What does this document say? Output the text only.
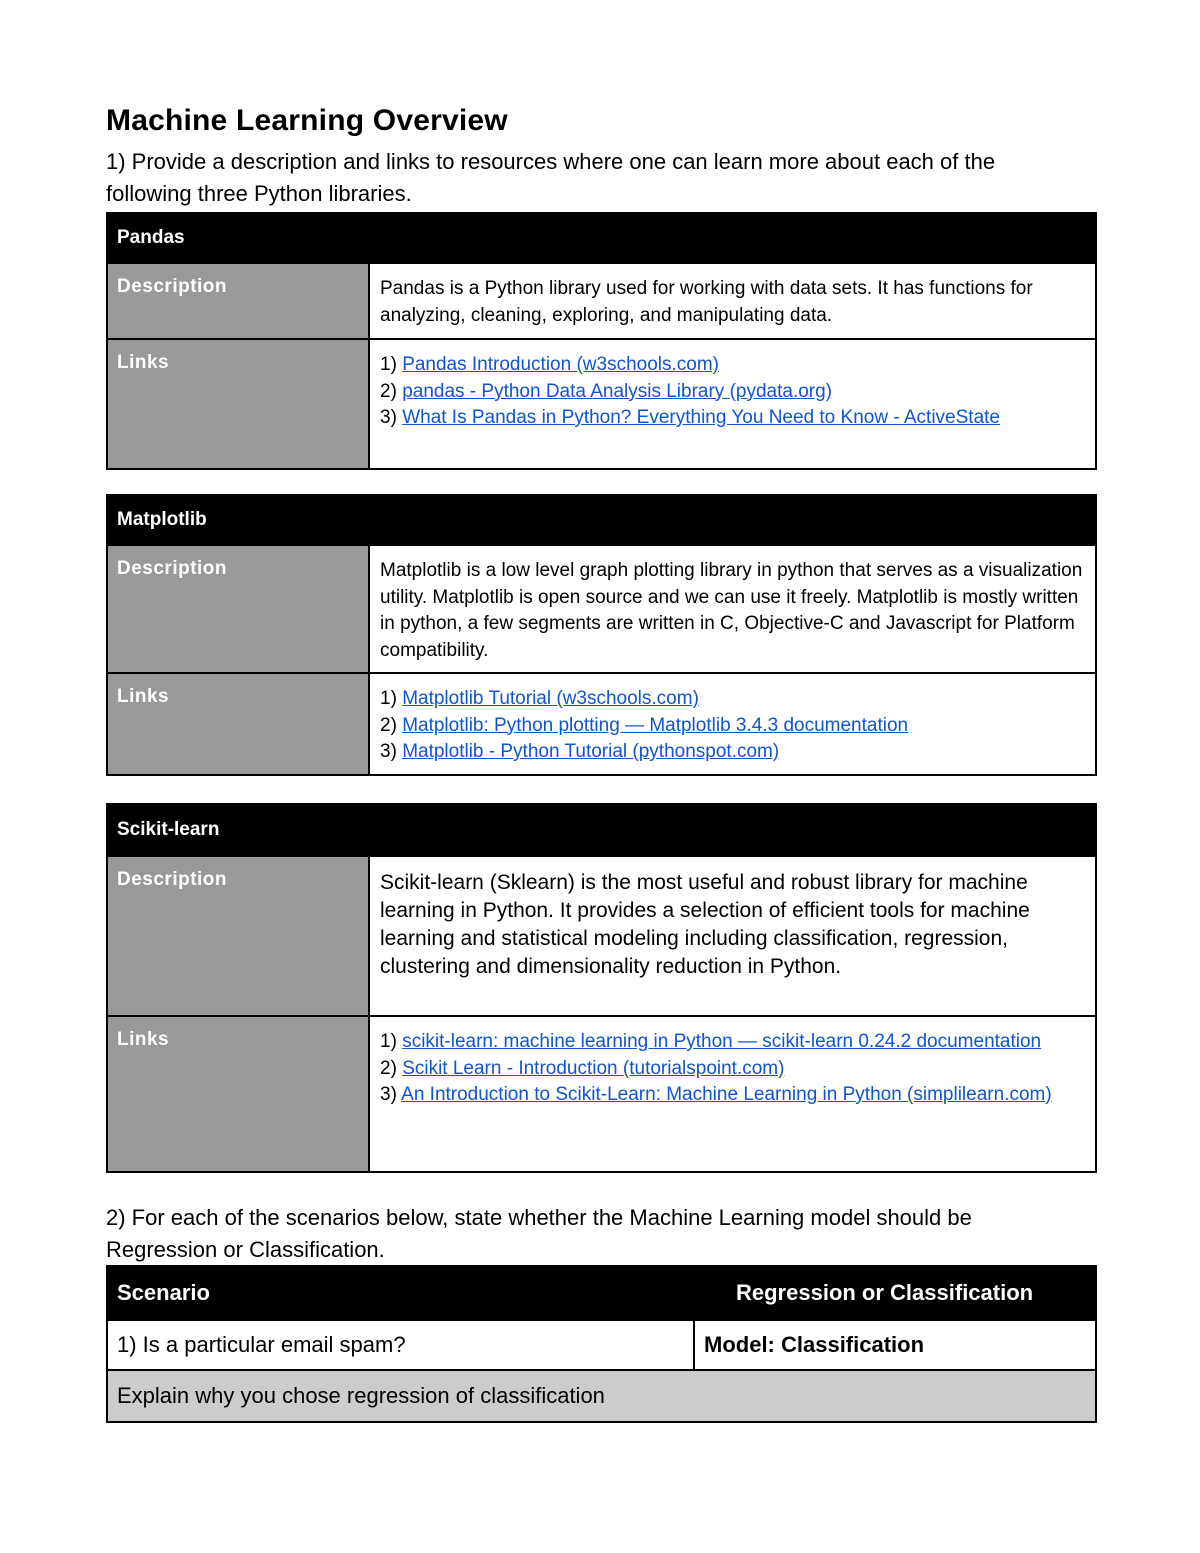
Machine Learning Overview
1) Provide a description and links to resources where one can learn more about each of the following three Python libraries.
Pandas
Description	Pandas is a Python library used for working with data sets. It has functions for analyzing, cleaning, exploring, and manipulating data.
Links	1) Pandas Introduction (w3schools.com)
2) pandas - Python Data Analysis Library (pydata.org)
3) What Is Pandas in Python? Everything You Need to Know - ActiveState
Matplotlib
Description	Matplotlib is a low level graph plotting library in python that serves as a visualization utility. Matplotlib is open source and we can use it freely. Matplotlib is mostly written in python, a few segments are written in C, Objective-C and Javascript for Platform compatibility.
Links	1) Matplotlib Tutorial (w3schools.com)
2) Matplotlib: Python plotting — Matplotlib 3.4.3 documentation
3) Matplotlib - Python Tutorial (pythonspot.com)
Scikit-learn
Description	Scikit-learn (Sklearn) is the most useful and robust library for machine learning in Python. It provides a selection of efficient tools for machine learning and statistical modeling including classification, regression, clustering and dimensionality reduction in Python.
Links	1) scikit-learn: machine learning in Python — scikit-learn 0.24.2 documentation
2) Scikit Learn - Introduction (tutorialspoint.com)
3) An Introduction to Scikit-Learn: Machine Learning in Python (simplilearn.com)
2) For each of the scenarios below, state whether the Machine Learning model should be Regression or Classification.
Scenario	Regression or Classification
1) Is a particular email spam?	Model: Classification
Explain why you chose regression of classification
